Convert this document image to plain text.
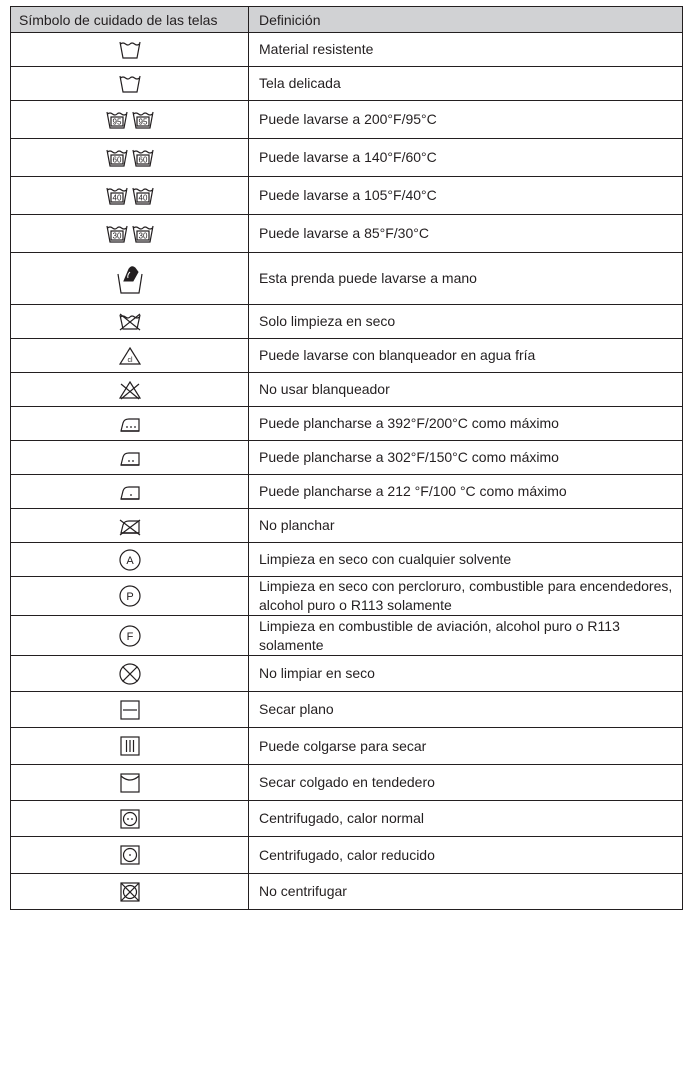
Símbolo de cuidado de las telas	Definición
	Material resistente
	Tela delicada

95 95	Puede lavarse a 200°F/95°C

60 60	Puede lavarse a 140°F/60°C

40 40	Puede lavarse a 105°F/40°C

30 30	Puede lavarse a 85°F/30°C
	Esta prenda puede lavarse a mano
	Solo limpieza en seco

cl	Puede lavarse con blanqueador en agua fría
	No usar blanqueador
	Puede plancharse a 392°F/200°C como máximo
	Puede plancharse a 302°F/150°C como máximo
	Puede plancharse a 212 °F/100 °C como máximo
	No planchar

A	Limpieza en seco con cualquier solvente

P	Limpieza en seco con percloruro, combustible para encendedores, alcohol puro o R113 solamente

F	Limpieza en combustible de aviación, alcohol puro o R113 solamente
	No limpiar en seco
	Secar plano
	Puede colgarse para secar
	Secar colgado en tendedero
	Centrifugado, calor normal
	Centrifugado, calor reducido
	No centrifugar
